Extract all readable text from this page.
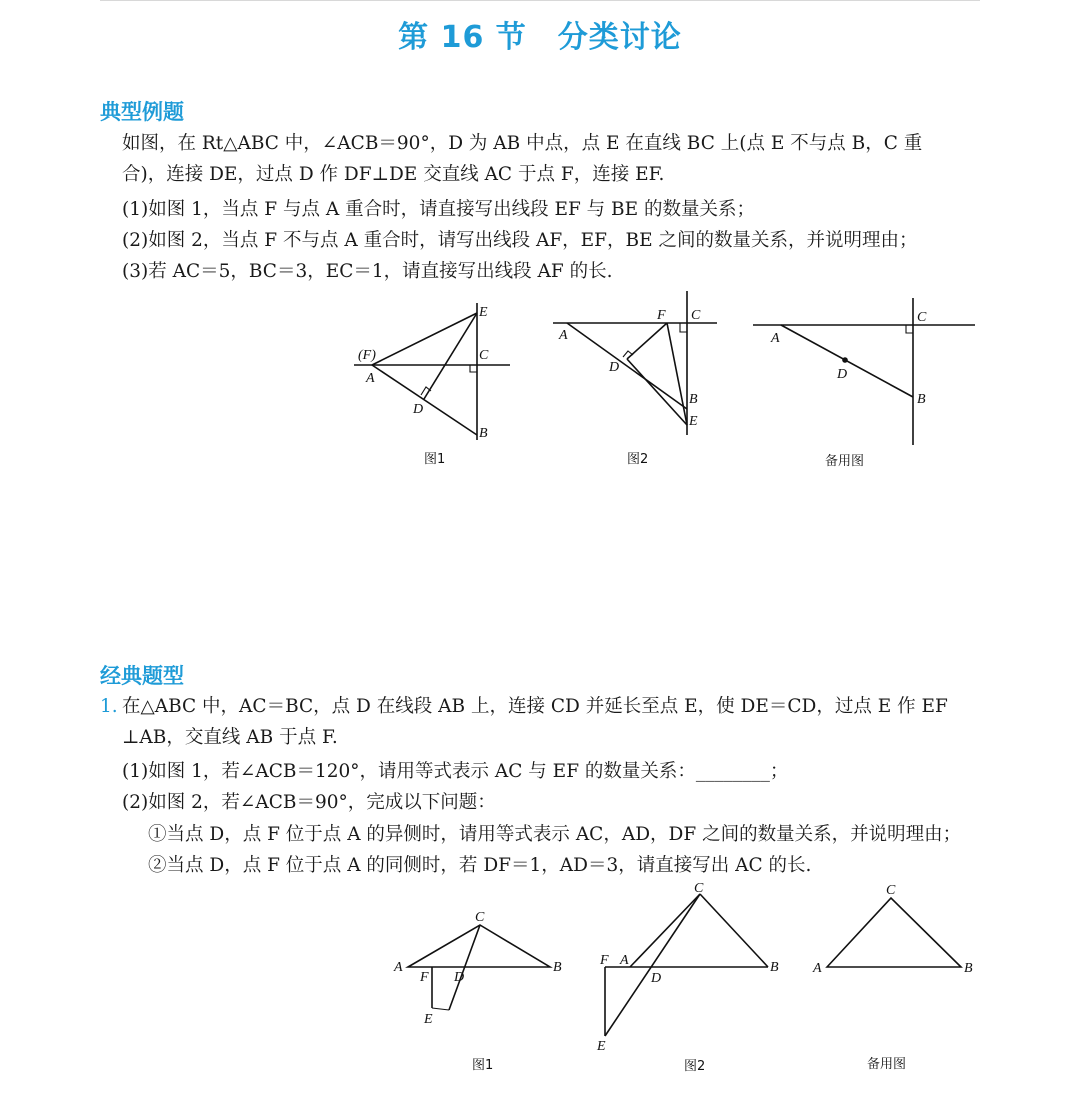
第 16 节　分类讨论
典型例题
如图，在 Rt△ABC 中，∠ACB＝90°，D 为 AB 中点，点 E 在直线 BC 上(点 E 不与点 B，C 重
合)，连接 DE，过点 D 作 DF⊥DE 交直线 AC 于点 F，连接 EF.
(1)如图 1，当点 F 与点 A 重合时，请直接写出线段 EF 与 BE 的数量关系；
(2)如图 2，当点 F 不与点 A 重合时，请写出线段 AF，EF，BE 之间的数量关系，并说明理由；
(3)若 AC＝5，BC＝3，EC＝1，请直接写出线段 AF 的长.
(F)
A
E
C
D
B
图1
F C
A
D
B
E
图2
C
A
D
B
备用图
经典题型
1. 在△ABC 中，AC＝BC，点 D 在线段 AB 上，连接 CD 并延长至点 E，使 DE＝CD，过点 E 作 EF
⊥AB，交直线 AB 于点 F.
(1)如图 1，若∠ACB＝120°，请用等式表示 AC 与 EF 的数量关系：________；
(2)如图 2，若∠ACB＝90°，完成以下问题：
①当点 D，点 F 位于点 A 的异侧时，请用等式表示 AC，AD，DF 之间的数量关系，并说明理由；
②当点 D，点 F 位于点 A 的同侧时，若 DF＝1，AD＝3，请直接写出 AC 的长.
C
A	B
F D
E
图1
C
F A
D
B
E
图2
C
A	B
备用图
